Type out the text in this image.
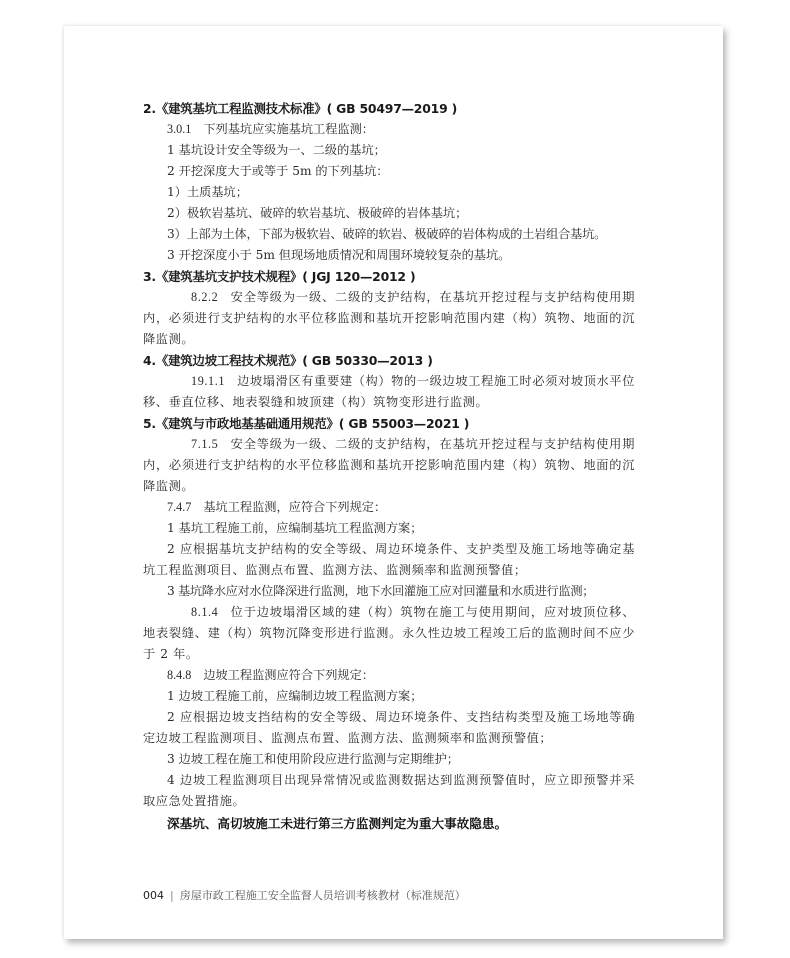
2.《建筑基坑工程监测技术标准》( GB 50497—2019 )
3.0.1 下列基坑应实施基坑工程监测：
1 基坑设计安全等级为一、二级的基坑；
2 开挖深度大于或等于 5m 的下列基坑：
1）土质基坑；
2）极软岩基坑、破碎的软岩基坑、极破碎的岩体基坑；
3）上部为土体，下部为极软岩、破碎的软岩、极破碎的岩体构成的土岩组合基坑。
3 开挖深度小于 5m 但现场地质情况和周围环境较复杂的基坑。
3.《建筑基坑支护技术规程》( JGJ 120—2012 )
8.2.2 安全等级为一级、二级的支护结构，在基坑开挖过程与支护结构使用期内，必须进行支护结构的水平位移监测和基坑开挖影响范围内建（构）筑物、地面的沉降监测。
4.《建筑边坡工程技术规范》( GB 50330—2013 )
19.1.1 边坡塌滑区有重要建（构）物的一级边坡工程施工时必须对坡顶水平位移、垂直位移、地表裂缝和坡顶建（构）筑物变形进行监测。
5.《建筑与市政地基基础通用规范》( GB 55003—2021 )
7.1.5 安全等级为一级、二级的支护结构，在基坑开挖过程与支护结构使用期内，必须进行支护结构的水平位移监测和基坑开挖影响范围内建（构）筑物、地面的沉降监测。
7.4.7 基坑工程监测，应符合下列规定：
1 基坑工程施工前，应编制基坑工程监测方案；
2 应根据基坑支护结构的安全等级、周边环境条件、支护类型及施工场地等确定基坑工程监测项目、监测点布置、监测方法、监测频率和监测预警值；
3 基坑降水应对水位降深进行监测，地下水回灌施工应对回灌量和水质进行监测；
8.1.4 位于边坡塌滑区域的建（构）筑物在施工与使用期间，应对坡顶位移、地表裂缝、建（构）筑物沉降变形进行监测。永久性边坡工程竣工后的监测时间不应少于 2 年。
8.4.8 边坡工程监测应符合下列规定：
1 边坡工程施工前，应编制边坡工程监测方案；
2 应根据边坡支挡结构的安全等级、周边环境条件、支挡结构类型及施工场地等确定边坡工程监测项目、监测点布置、监测方法、监测频率和监测预警值；
3 边坡工程在施工和使用阶段应进行监测与定期维护；
4 边坡工程监测项目出现异常情况或监测数据达到监测预警值时，应立即预警并采取应急处置措施。
深基坑、高切坡施工未进行第三方监测判定为重大事故隐患。
004 | 房屋市政工程施工安全监督人员培训考核教材（标准规范）
